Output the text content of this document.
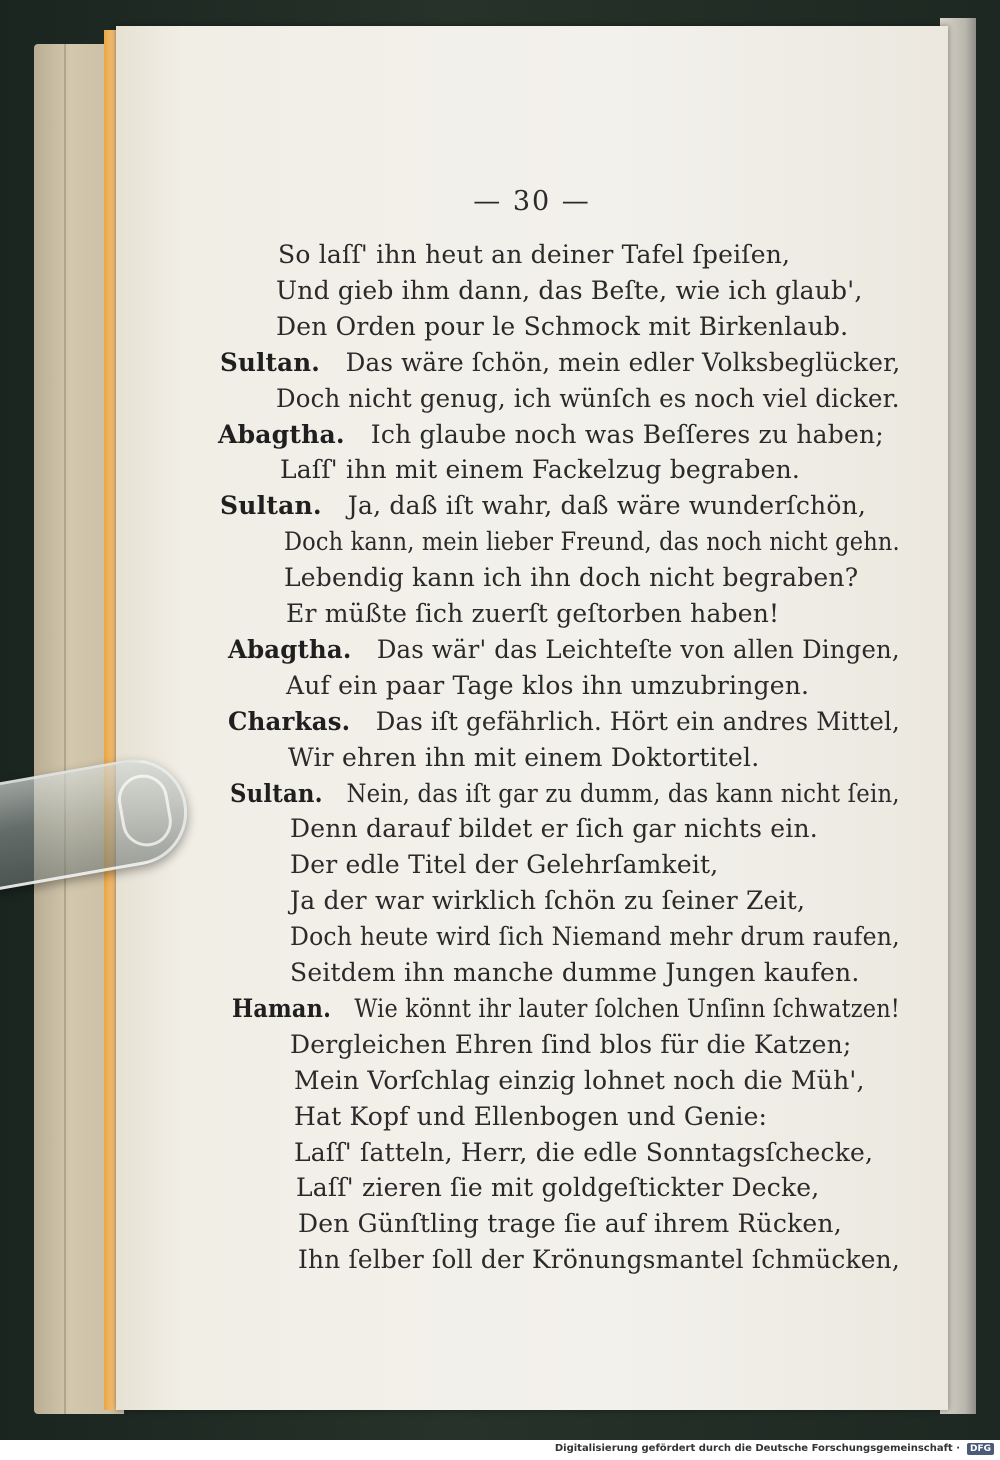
— 30 —
So laſſ' ihn heut an deiner Tafel ſpeiſen,
Und gieb ihm dann, das Beſte, wie ich glaub',
Den Orden pour le Schmock mit Birkenlaub.
Sultan. Das wäre ſchön, mein edler Volksbeglücker,
Doch nicht genug, ich wünſch es noch viel dicker.
Abagtha. Ich glaube noch was Beſſeres zu haben;
Laſſ' ihn mit einem Fackelzug begraben.
Sultan. Ja, daß iſt wahr, daß wäre wunderſchön,
Doch kann, mein lieber Freund, das noch nicht gehn.
Lebendig kann ich ihn doch nicht begraben?
Er müßte ſich zuerſt geſtorben haben!
Abagtha. Das wär' das Leichteſte von allen Dingen,
Auf ein paar Tage klos ihn umzubringen.
Charkas. Das iſt gefährlich. Hört ein andres Mittel,
Wir ehren ihn mit einem Doktortitel.
Sultan. Nein, das iſt gar zu dumm, das kann nicht ſein,
Denn darauf bildet er ſich gar nichts ein.
Der edle Titel der Gelehrſamkeit,
Ja der war wirklich ſchön zu ſeiner Zeit,
Doch heute wird ſich Niemand mehr drum raufen,
Seitdem ihn manche dumme Jungen kaufen.
Haman. Wie könnt ihr lauter ſolchen Unſinn ſchwatzen!
Dergleichen Ehren ſind blos für die Katzen;
Mein Vorſchlag einzig lohnet noch die Müh',
Hat Kopf und Ellenbogen und Genie:
Laſſ' ſatteln, Herr, die edle Sonntagsſchecke,
Laſſ' zieren ſie mit goldgeſtickter Decke,
Den Günſtling trage ſie auf ihrem Rücken,
Ihn ſelber ſoll der Krönungsmantel ſchmücken,
Digitalisierung gefördert durch die Deutsche Forschungsgemeinschaft ·	DFG
